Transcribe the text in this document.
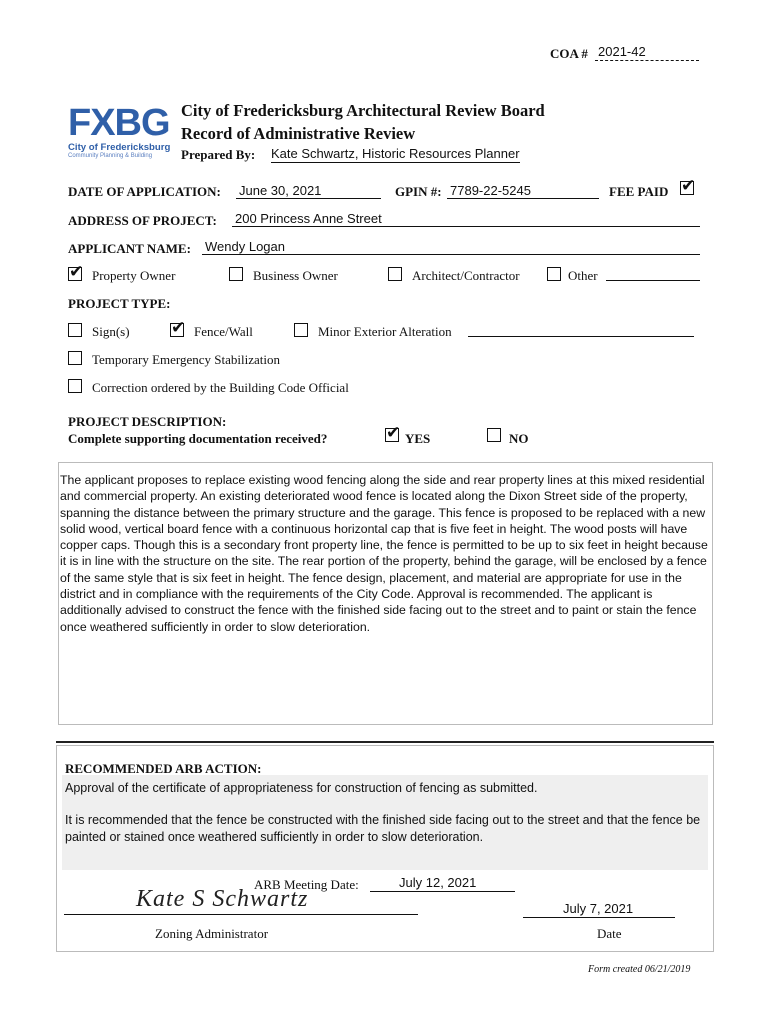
COA # 2021-42
FXBG
City of Fredericksburg
Community Planning & Building
City of Fredericksburg Architectural Review Board
Record of Administrative Review
Prepared By: Kate Schwartz, Historic Resources Planner
DATE OF APPLICATION: June 30, 2021	GPIN #: 7789-22-5245	FEE PAID ✔
ADDRESS OF PROJECT: 200 Princess Anne Street
APPLICANT NAME: Wendy Logan
✔ Property Owner	Business Owner	Architect/Contractor	Other
PROJECT TYPE:
Sign(s) ✔ Fence/Wall	Minor Exterior Alteration
Temporary Emergency Stabilization
Correction ordered by the Building Code Official
PROJECT DESCRIPTION:
Complete supporting documentation received?	✔ YES	NO
The applicant proposes to replace existing wood fencing along the side and rear property lines at this mixed residential and commercial property. An existing deteriorated wood fence is located along the Dixon Street side of the property, spanning the distance between the primary structure and the garage. This fence is proposed to be replaced with a new solid wood, vertical board fence with a continuous horizontal cap that is five feet in height. The wood posts will have copper caps. Though this is a secondary front property line, the fence is permitted to be up to six feet in height because it is in line with the structure on the site. The rear portion of the property, behind the garage, will be enclosed by a fence of the same style that is six feet in height. The fence design, placement, and material are appropriate for use in the district and in compliance with the requirements of the City Code. Approval is recommended. The applicant is additionally advised to construct the fence with the finished side facing out to the street and to paint or stain the fence once weathered sufficiently in order to slow deterioration.
RECOMMENDED ARB ACTION:
Approval of the certificate of appropriateness for construction of fencing as submitted.
It is recommended that the fence be constructed with the finished side facing out to the street and that the fence be painted or stained once weathered sufficiently in order to slow deterioration.
ARB Meeting Date:	July 12, 2021
Kate S Schwartz
Zoning Administrator
July 7, 2021
Date
Form created 06/21/2019
